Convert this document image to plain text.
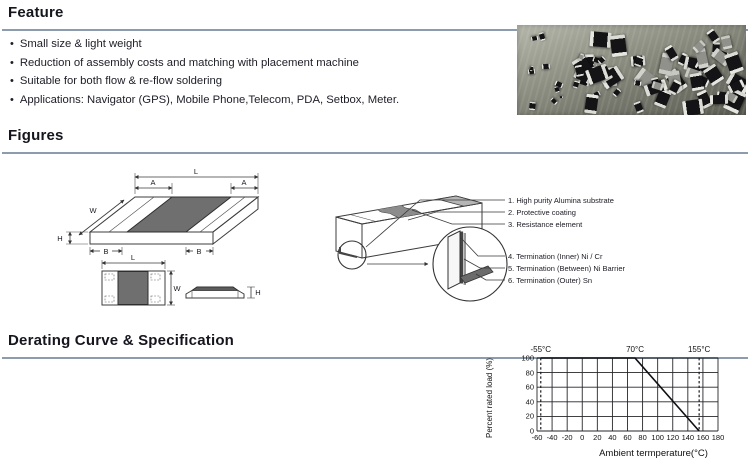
Feature
• Small size & light weight
• Reduction of assembly costs and matching with placement machine
• Suitable for both flow & re-flow soldering
• Applications: Navigator (GPS), Mobile Phone,Telecom, PDA, Setbox, Meter.
Figures
L
A	A
W
H
B	B
L
W	H
1. High purity Alumina substrate
2. Protective coating
3. Resistance element
4. Termination (Inner) Ni / Cr
5. Termination (Between) Ni Barrier
6. Termination (Outer) Sn
Derating Curve & Specification
Percent rated load (%)
Ambient termperature(°C)
-60 -40 -20 0 20 40 60 80 100 120 140 160 180
0
20
40
60
80
100
-55°C	70°C	155°C
